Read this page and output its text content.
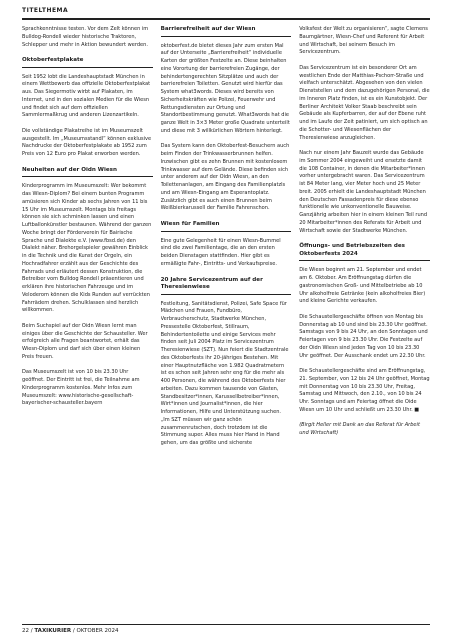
TITELTHEMA

Sprachkenntnisse testen. Vor dem Zelt können im Bulldog-Rondell wieder historische Traktoren, Schlepper und mehr in Aktion bewundert werden.

Oktoberfestplakate

Seit 1952 lobt die Landeshauptstadt München in einem Wettbewerb das offizielle Oktoberfestplakat aus. Das Siegermotiv wirbt auf Plakaten, im Internet, und in den sozialen Medien für die Wiesn und findet sich auf dem offiziellen Sammlermaßkrug und anderen Lizenzartikeln.

Die vollständige Plakatreihe ist im Museumszelt ausgestellt. Im „Museumsstandl“ können exklusive Nachdrucke der Oktoberfestplakate ab 1952 zum Preis von 12 Euro pro Plakat erworben werden.

Neuheiten auf der Oidn Wiesn

Kinderprogramm im Museumszelt: Wer bekommt das Wiesn-Diplom? Bei einem bunten Programm amüsieren sich Kinder ab sechs Jahren von 11 bis 15 Uhr im Museumszelt. Montags bis freitags können sie sich schminken lassen und einen Luftballonkünstler bestaunen. Während der ganzen Woche bringt der Förderverein für Bairische Sprache und Dialekte e.V. (www.fbsd.de) den Dialekt näher. Brehorgelspieler gewähren Einblick in die Technik und die Kunst der Orgeln, ein Hochradfahrer erzählt aus der Geschichte des Fahrrads und erläutert dessen Konstruktion, die Betreiber vom Bulldog Rondell präsentieren und erklären ihre historischen Fahrzeuge und im Veloderom können die Kids Runden auf verrückten Fahrrädern drehen. Schulklassen sind herzlich willkommen.

Beim Suchspiel auf der Oidn Wiesn lernt man einiges über die Geschichte der Schausteller. Wer erfolgreich alle Fragen beantwortet, erhält das Wiesn-Diplom und darf sich über einen kleinen Preis freuen.

Das Museumszelt ist von 10 bis 23.30 Uhr geöffnet. Der Eintritt ist frei, die Teilnahme am Kinderprogramm kostenlos. Mehr Infos zum Museumszelt: www.historische-gesellschaft-bayerischer-schausteller.bayern

Barrierefreiheit auf der Wiesn

oktoberfest.de bietet dieses Jahr zum ersten Mal auf der Unterseite „Barrierefreiheit“ individuelle Karten der größten Festzelte an. Diese beinhalten eine Vorortung der barrierefreien Zugänge, der behindertengerechten Sitzplätze und auch der barrierefreien Toiletten. Genutzt wird hierfür das System what3words. Dieses wird bereits von Sicherheitskräften wie Polizei, Feuerwehr und Rettungsdiensten zur Ortung und Standortbestimmung genutzt. What3words hat die ganze Welt in 3×3 Meter große Quadrate unterteilt und diese mit 3 willkürlichen Wörtern hinterlegt.

Das System kann den Oktoberfest-Besuchern auch beim Finden der Trinkwasserbrunnen helfen. Inzwischen gibt es zehn Brunnen mit kostenlosem Trinkwasser auf dem Gelände. Diese befinden sich unter anderem auf der Oidn Wiesn, an den Toilettenanlagen, am Eingang des Familienplatzls und am Wiesn-Eingang am Esperantoplatz. Zusätzlich gibt es auch einen Brunnen beim Weißbierkarussell der Familie Fahrenschon.

Wiesn für Familien

Eine gute Gelegenheit für einen Wiesn-Bummel sind die zwei Familientage, die an den ersten beiden Dienstagen stattfinden. Hier gibt es ermäßigte Fahr-, Eintritts- und Verkaufspreise.

20 Jahre Servicezentrum auf der Theresienwiese

Festleitung, Sanitätsdienst, Polizei, Safe Space für Mädchen und Frauen, Fundbüro, Verbraucherschutz, Stadtwerke München, Pressestelle Oktoberfest, Stillraum, Behindertentoilette und einige Services mehr finden seit Juli 2004 Platz im Servicezentrum Theresienwiese (SZT). Nun feiert die Stadtzentrale des Oktoberfests ihr 20-jähriges Bestehen. Mit einer Hauptnutzfläche von 1.982 Quadratmetern ist es schon seit Jahren sehr eng für die mehr als 400 Personen, die während des Oktoberfests hier arbeiten. Dazu kommen tausende von Gästen, Standbesitzer*innen, Karussellbetreiber*innen, Wirt*innen und Journalist*innen, die hier Informationen, Hilfe und Unterstützung suchen. „Im SZT müssen wir ganz schön zusammenrutschen, doch trotzdem ist die Stimmung super. Alles muss hier Hand in Hand gehen, um das größte und sicherste

Volksfest der Welt zu organisieren“, sagte Clemens Baumgärtner, Wiesn-Chef und Referent für Arbeit und Wirtschaft, bei seinem Besuch im Servicezentrum.

Das Servicezentrum ist ein besonderer Ort am westlichen Ende der Matthias-Pschorr-Straße und vielfach unterschätzt. Abgesehen von den vielen Dienststellen und dem dazugehörigen Personal, die im Inneren Platz finden, ist es ein Kunstobjekt. Der Berliner Architekt Volker Staab beschreibt sein Gebäude als Kupferbarren, der auf der Ebene ruht und im Laufe der Zeit patiniert, um sich optisch an die Schotter- und Wiesenflächen der Theresienwiese anzugleichen.

Nach nur einem Jahr Bauzeit wurde das Gebäude im Sommer 2004 eingeweiht und ersetzte damit die 108 Container, in denen die Mitarbeiter*innen vorher untergebracht waren. Das Servicezentrum ist 84 Meter lang, vier Meter hoch und 25 Meter breit. 2005 erhielt die Landeshauptstadt München den Deutschen Fassadenpreis für diese ebenso funktionelle wie unkonventionelle Bauweise. Ganzjährig arbeiten hier in einem kleinen Teil rund 20 Mitarbeiter*innen des Referats für Arbeit und Wirtschaft sowie der Stadtwerke München.

Öffnungs- und Betriebszeiten des Oktoberfests 2024

Die Wiesn beginnt am 21. September und endet am 6. Oktober. Am Eröffnungstag dürfen die gastronomischen Groß- und Mittelbetriebe ab 10 Uhr alkoholfreie Getränke (kein alkoholfreies Bier) und kleine Gerichte verkaufen.

Die Schaustellergeschäfte öffnen von Montag bis Donnerstag ab 10 und sind bis 23.30 Uhr geöffnet. Samstags von 9 bis 24 Uhr, an den Sonntagen und Feiertagen von 9 bis 23.30 Uhr. Die Festzelte auf der Oidn Wiesn sind jeden Tag von 10 bis 23.30 Uhr geöffnet. Der Ausschank endet um 22.30 Uhr.

Die Schaustellergeschäfte sind am Eröffnungstag, 21. September, von 12 bis 24 Uhr geöffnet, Montag mit Donnerstag von 10 bis 23.30 Uhr, Freitag, Samstag und Mittwoch, den 2.10., von 10 bis 24 Uhr. Sonntags und am Feiertag öffnet die Oide Wiesn um 10 Uhr und schließt um 23.30 Uhr. ■

(Birgit Heller mit Dank an das Referat für Arbeit und Wirtschaft)

22 / TAXIKURIER / OKTOBER 2024
